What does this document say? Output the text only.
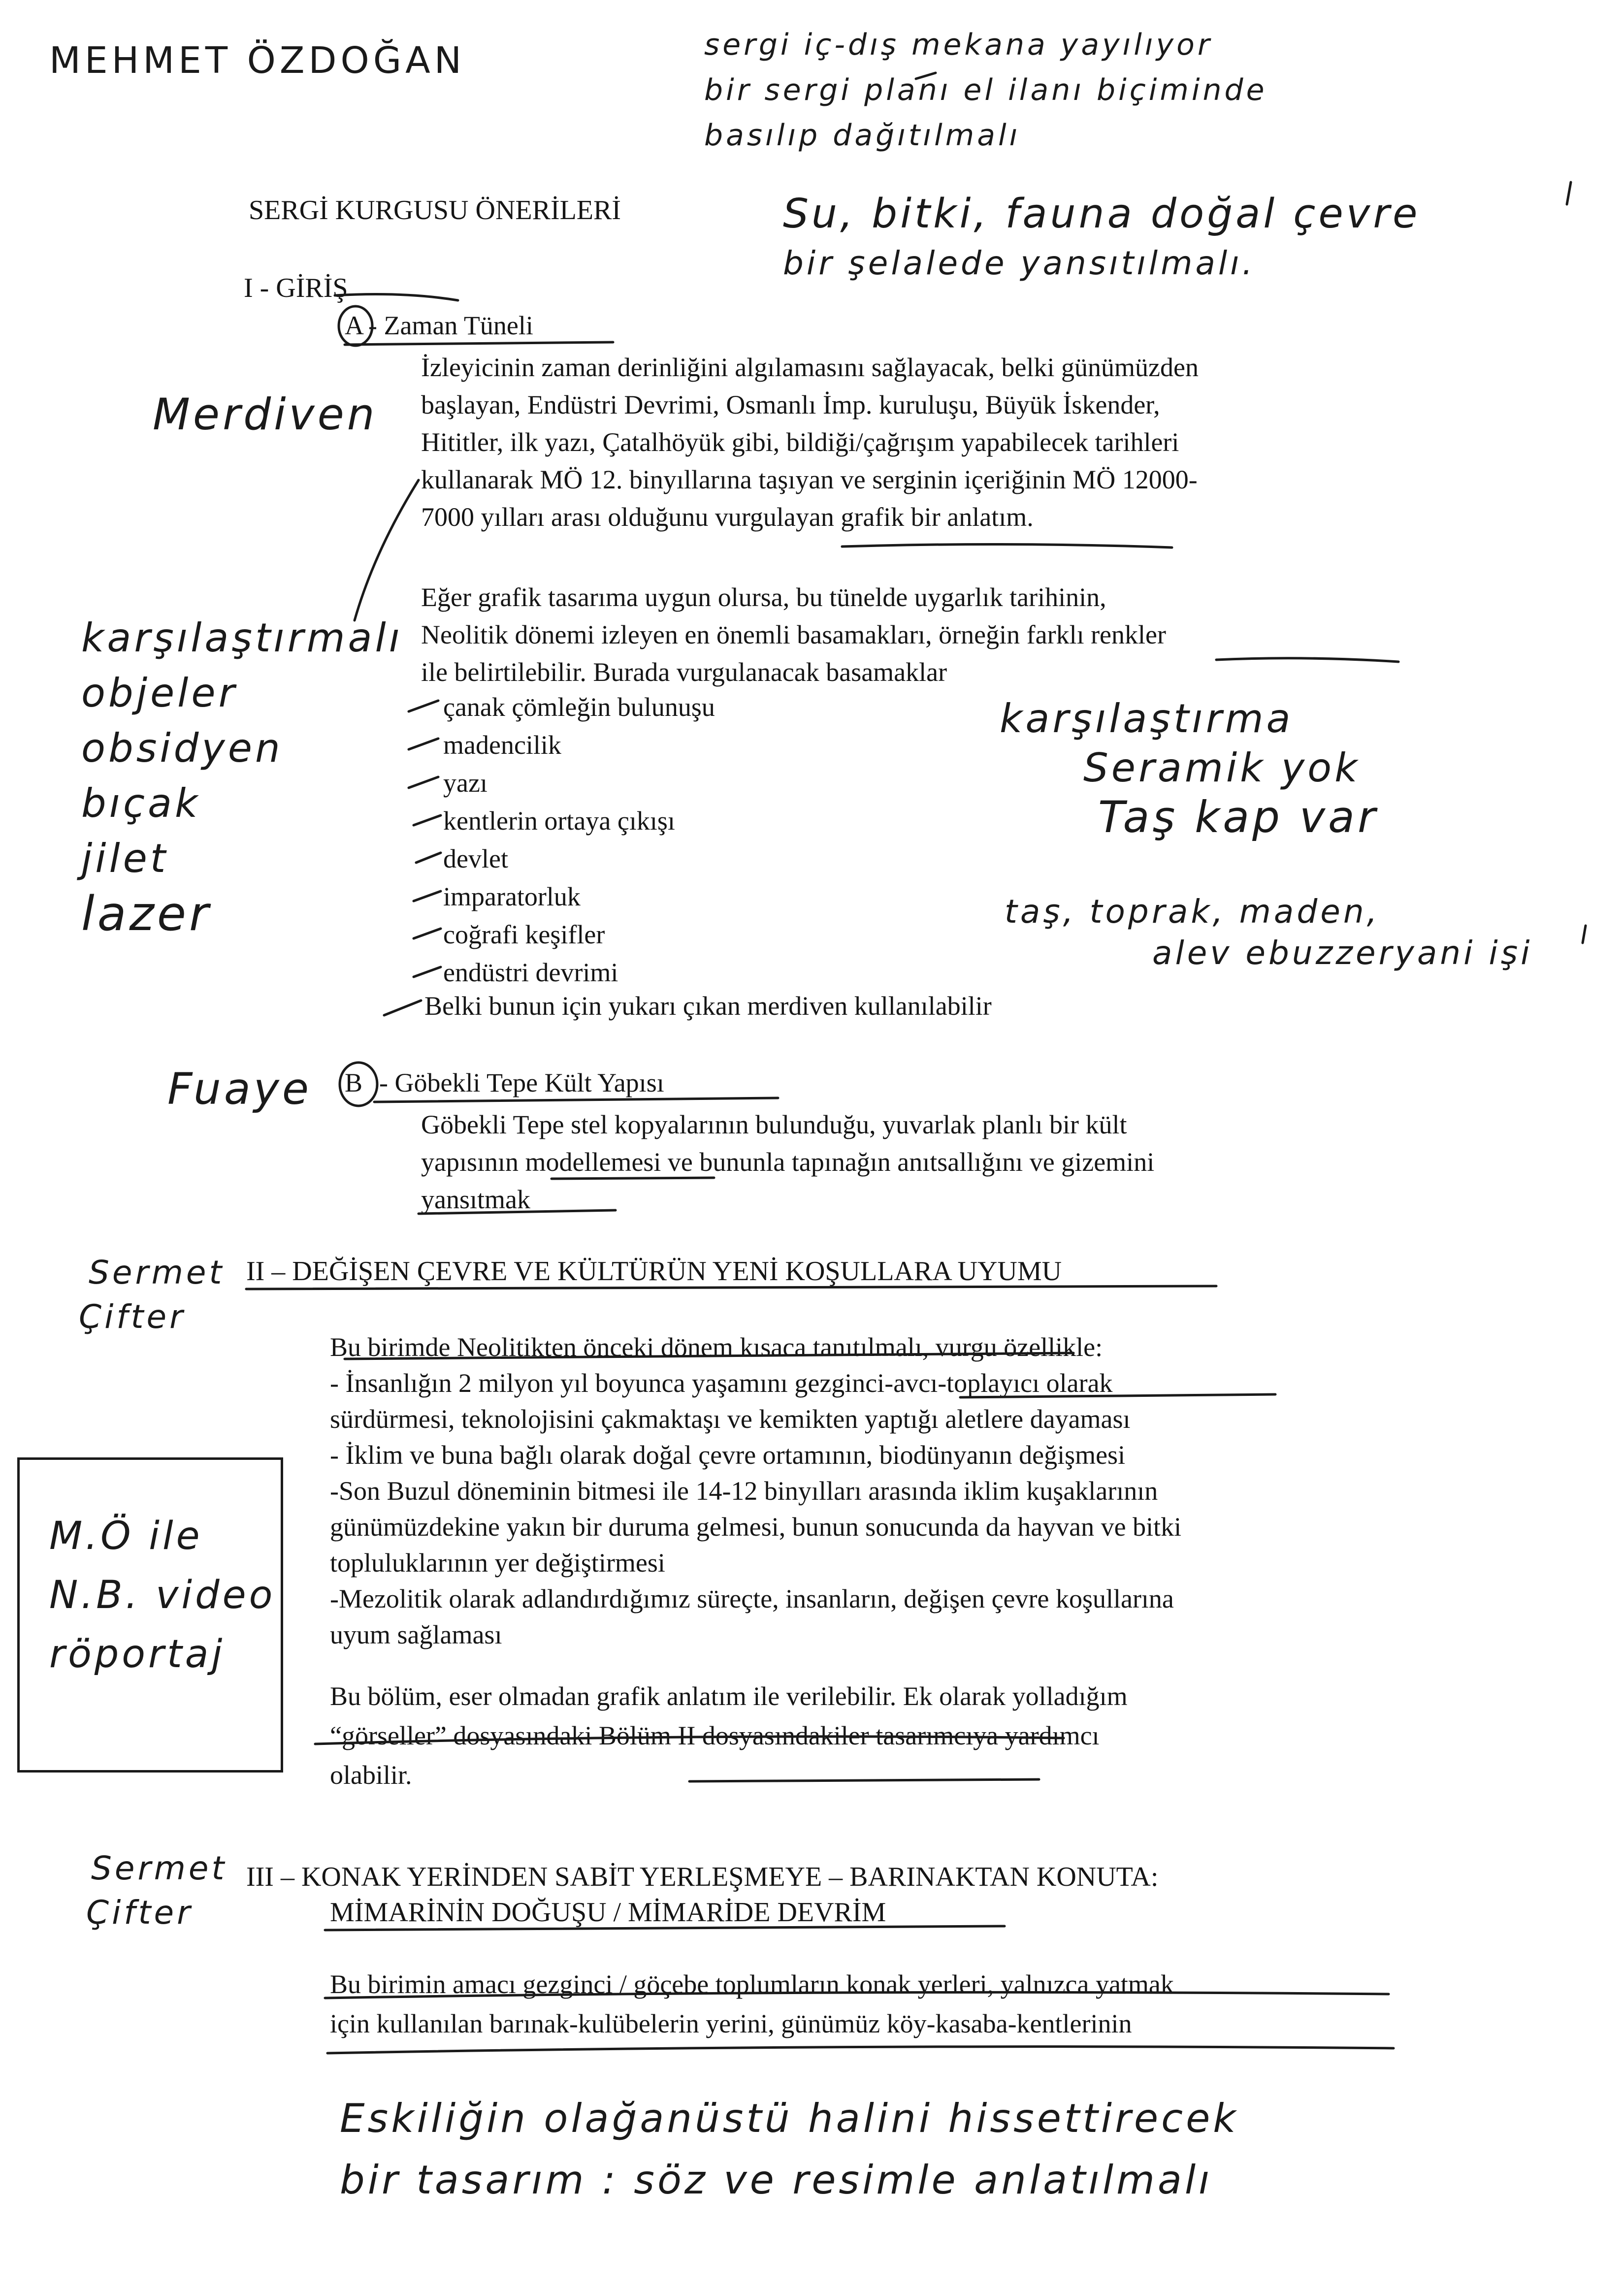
MEHMET ÖZDOĞAN	sergi iç-dış mekana yayılıyor
bir sergi planı el ilanı biçiminde
basılıp dağıtılmalı
Su, bitki, fauna doğal çevre
bir şelalede yansıtılmalı.
Merdiven
karşılaştırmalı
objeler
obsidyen
bıçak
jilet
lazer
karşılaştırma
Seramik yok
Taş kap var
taş, toprak, maden,
alev ebuzzeryani işi
Fuaye
Sermet
Çifter
M.Ö ile
N.B. video
röportaj
Sermet
Çifter
Eskiliğin olağanüstü halini hissettirecek
bir tasarım : söz ve resimle anlatılmalı
SERGİ KURGUSU ÖNERİLERİ
I - GİRİŞ
A - Zaman Tüneli
İzleyicinin zaman derinliğini algılamasını sağlayacak, belki günümüzden
başlayan, Endüstri Devrimi, Osmanlı İmp. kuruluşu, Büyük İskender,
Hititler, ilk yazı, Çatalhöyük gibi, bildiği/çağrışım yapabilecek tarihleri
kullanarak MÖ 12. binyıllarına taşıyan ve serginin içeriğinin MÖ 12000-
7000 yılları arası olduğunu vurgulayan grafik bir anlatım.
Eğer grafik tasarıma uygun olursa, bu tünelde uygarlık tarihinin,
Neolitik dönemi izleyen en önemli basamakları, örneğin farklı renkler
ile belirtilebilir. Burada vurgulanacak basamaklar
çanak çömleğin bulunuşu
madencilik
yazı
kentlerin ortaya çıkışı
devlet
imparatorluk
coğrafi keşifler
endüstri devrimi
Belki bunun için yukarı çıkan merdiven kullanılabilir
B - Göbekli Tepe Kült Yapısı
Göbekli Tepe stel kopyalarının bulunduğu, yuvarlak planlı bir kült
yapısının modellemesi ve bununla tapınağın anıtsallığını ve gizemini
yansıtmak
II – DEĞİŞEN ÇEVRE VE KÜLTÜRÜN YENİ KOŞULLARA UYUMU
Bu birimde Neolitikten önceki dönem kısaca tanıtılmalı, vurgu özellikle:
- İnsanlığın 2 milyon yıl boyunca yaşamını gezginci-avcı-toplayıcı olarak
sürdürmesi, teknolojisini çakmaktaşı ve kemikten yaptığı aletlere dayaması
- İklim ve buna bağlı olarak doğal çevre ortamının, biodünyanın değişmesi
-Son Buzul döneminin bitmesi ile 14-12 binyılları arasında iklim kuşaklarının
günümüzdekine yakın bir duruma gelmesi, bunun sonucunda da hayvan ve bitki
topluluklarının yer değiştirmesi
-Mezolitik olarak adlandırdığımız süreçte, insanların, değişen çevre koşullarına
uyum sağlaması
Bu bölüm, eser olmadan grafik anlatım ile verilebilir. Ek olarak yolladığım
“görseller” dosyasındaki Bölüm II dosyasındakiler tasarımcıya yardımcı
olabilir.
III – KONAK YERİNDEN SABİT YERLEŞMEYE – BARINAKTAN KONUTA:
MİMARİNİN DOĞUŞU / MİMARİDE DEVRİM
Bu birimin amacı gezginci / göçebe toplumların konak yerleri, yalnızca yatmak
için kullanılan barınak-kulübelerin yerini, günümüz köy-kasaba-kentlerinin
